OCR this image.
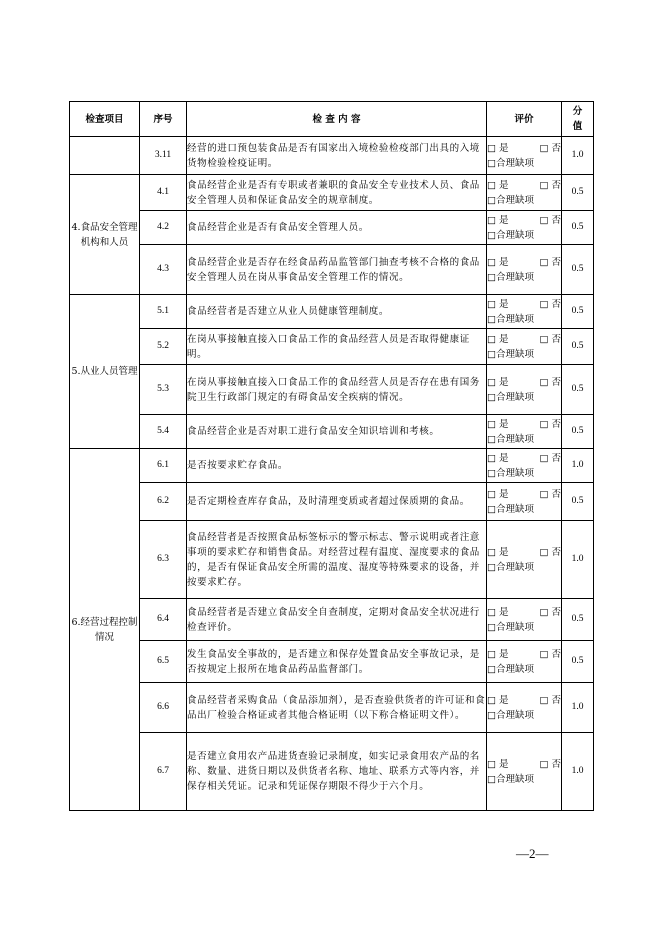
检查项目	序号	检 查 内 容	评价	分值
	3.11	经营的进口预包装食品是否有国家出入境检验检疫部门出具的入境货物检验检疫证明。	□ 是 □ 否
□合理缺项	1.0
4.食品安全管理机构和人员	4.1	食品经营企业是否有专职或者兼职的食品安全专业技术人员、食品安全管理人员和保证食品安全的规章制度。	□ 是 □ 否
□合理缺项	0.5
	4.2	食品经营企业是否有食品安全管理人员。	□ 是 □ 否
□合理缺项	0.5
	4.3	食品经营企业是否存在经食品药品监管部门抽查考核不合格的食品安全管理人员在岗从事食品安全管理工作的情况。	□ 是 □ 否
□合理缺项	0.5
5.从业人员管理	5.1	食品经营者是否建立从业人员健康管理制度。	□ 是 □ 否
□合理缺项	0.5
	5.2	在岗从事接触直接入口食品工作的食品经营人员是否取得健康证明。	□ 是 □ 否
□合理缺项	0.5
	5.3	在岗从事接触直接入口食品工作的食品经营人员是否存在患有国务院卫生行政部门规定的有碍食品安全疾病的情况。	□ 是 □ 否
□合理缺项	0.5
	5.4	食品经营企业是否对职工进行食品安全知识培训和考核。	□ 是 □ 否
□合理缺项	0.5
6.经营过程控制情况	6.1	是否按要求贮存食品。	□ 是 □ 否
□合理缺项	1.0
	6.2	是否定期检查库存食品，及时清理变质或者超过保质期的食品。	□ 是 □ 否
□合理缺项	0.5
	6.3	食品经营者是否按照食品标签标示的警示标志、警示说明或者注意事项的要求贮存和销售食品。对经营过程有温度、湿度要求的食品的，是否有保证食品安全所需的温度、湿度等特殊要求的设备，并按要求贮存。	□ 是 □ 否
□合理缺项	1.0
	6.4	食品经营者是否建立食品安全自查制度，定期对食品安全状况进行检查评价。	□ 是 □ 否
□合理缺项	0.5
	6.5	发生食品安全事故的，是否建立和保存处置食品安全事故记录，是否按规定上报所在地食品药品监督部门。	□ 是 □ 否
□合理缺项	0.5
	6.6	食品经营者采购食品（食品添加剂），是否查验供货者的许可证和食品出厂检验合格证或者其他合格证明（以下称合格证明文件）。	□ 是 □ 否
□合理缺项	1.0
	6.7	是否建立食用农产品进货查验记录制度，如实记录食用农产品的名称、数量、进货日期以及供货者名称、地址、联系方式等内容，并保存相关凭证。记录和凭证保存期限不得少于六个月。	□ 是 □ 否
□合理缺项	1.0
—2—
